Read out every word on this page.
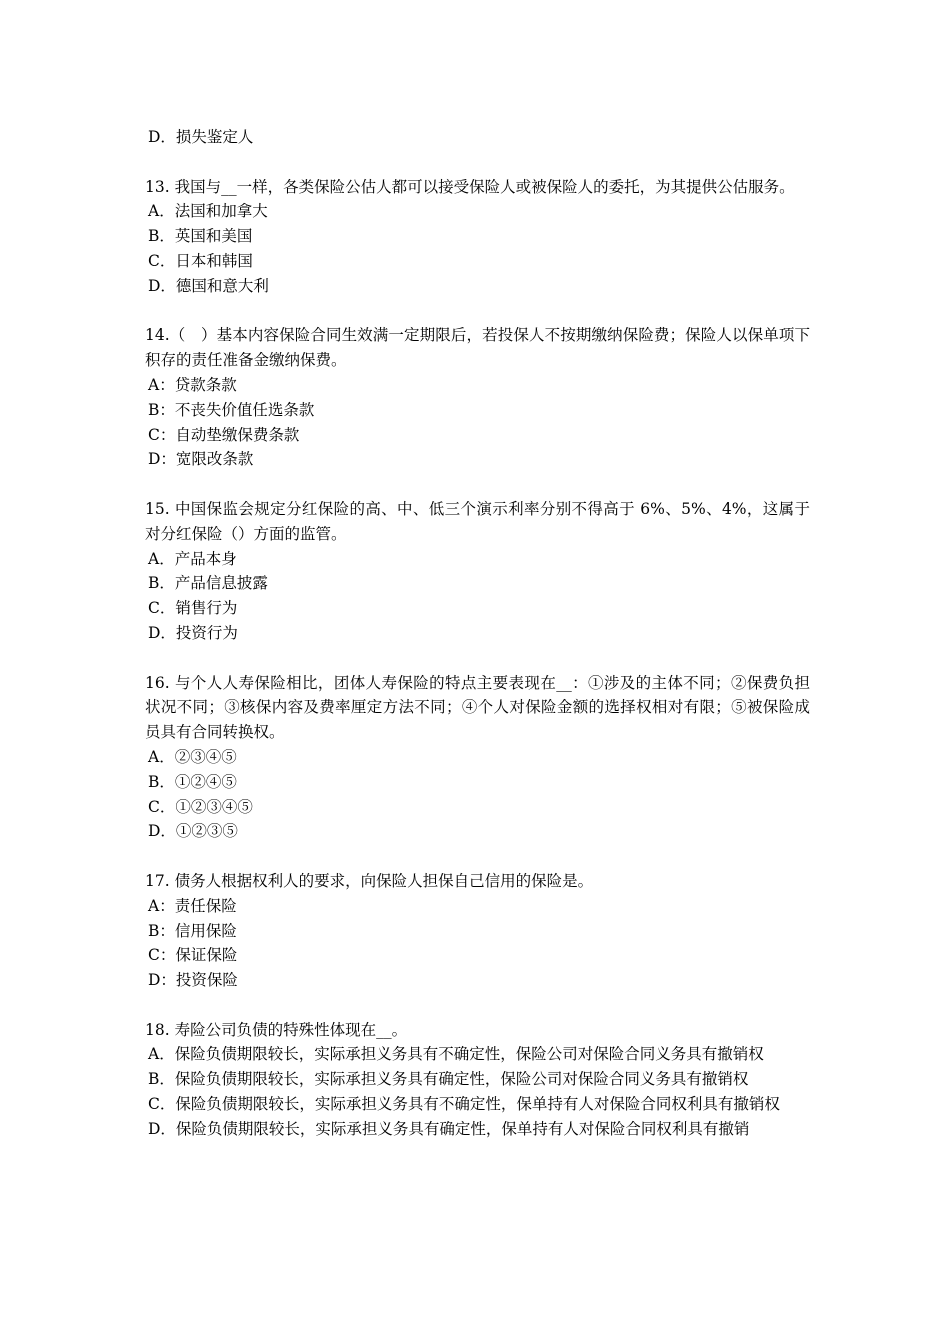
D．损失鉴定人

13. 我国与__一样，各类保险公估人都可以接受保险人或被保险人的委托，为其提供公估服务。

A．法国和加拿大

B．英国和美国

C．日本和韩国

D．德国和意大利

14.（　）基本内容保险合同生效满一定期限后，若投保人不按期缴纳保险费；保险人以保单项下积存的责任准备金缴纳保费。

A：贷款条款

B：不丧失价值任选条款

C：自动垫缴保费条款

D：宽限改条款

15. 中国保监会规定分红保险的高、中、低三个演示利率分别不得高于 6%、5%、4%，这属于对分红保险（）方面的监管。

A．产品本身

B．产品信息披露

C．销售行为

D．投资行为

16. 与个人人寿保险相比，团体人寿保险的特点主要表现在__：①涉及的主体不同；②保费负担状况不同；③核保内容及费率厘定方法不同；④个人对保险金额的选择权相对有限；⑤被保险成员具有合同转换权。

A．②③④⑤

B．①②④⑤

C．①②③④⑤

D．①②③⑤

17. 债务人根据权利人的要求，向保险人担保自己信用的保险是。

A：责任保险

B：信用保险

C：保证保险

D：投资保险

18. 寿险公司负债的特殊性体现在__。

A．保险负债期限较长，实际承担义务具有不确定性，保险公司对保险合同义务具有撤销权

B．保险负债期限较长，实际承担义务具有确定性，保险公司对保险合同义务具有撤销权

C．保险负债期限较长，实际承担义务具有不确定性，保单持有人对保险合同权利具有撤销权

D．保险负债期限较长，实际承担义务具有确定性，保单持有人对保险合同权利具有撤销
